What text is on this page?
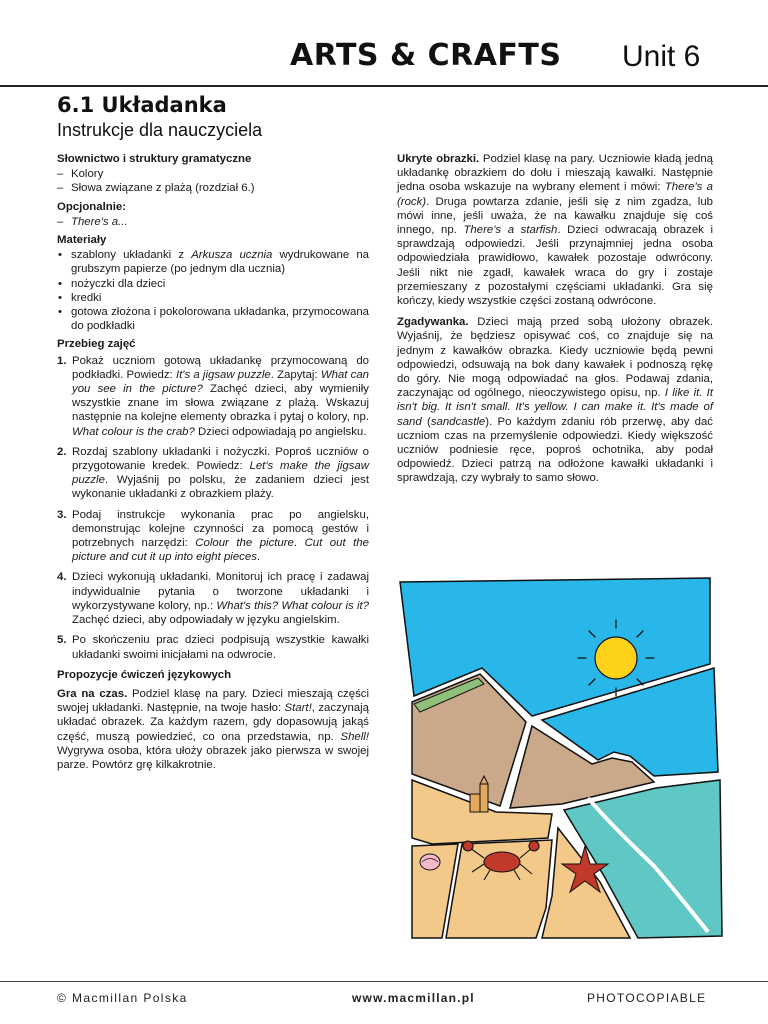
ARTS & CRAFTS Unit 6
6.1 Układanka
Instrukcje dla nauczyciela
Słownictwo i struktury gramatyczne
– Kolory
– Słowa związane z plażą (rozdział 6.)
Opcjonalnie:
– There's a...
Materiały
• szablony układanki z Arkusza ucznia wydrukowane na grubszym papierze (po jednym dla ucznia)
• nożyczki dla dzieci
• kredki
• gotowa złożona i pokolorowana układanka, przymocowana do podkładki
Przebieg zajęć
1. Pokaż uczniom gotową układankę przymocowaną do podkładki. Powiedz: It's a jigsaw puzzle. Zapytaj: What can you see in the picture? Zachęć dzieci, aby wymieniły wszystkie znane im słowa związane z plażą. Wskazuj następnie na kolejne elementy obrazka i pytaj o kolory, np. What colour is the crab? Dzieci odpowiadają po angielsku.
2. Rozdaj szablony układanki i nożyczki. Poproś uczniów o przygotowanie kredek. Powiedz: Let's make the jigsaw puzzle. Wyjaśnij po polsku, że zadaniem dzieci jest wykonanie układanki z obrazkiem plaży.
3. Podaj instrukcje wykonania prac po angielsku, demonstrując kolejne czynności za pomocą gestów i potrzebnych narzędzi: Colour the picture. Cut out the picture and cut it up into eight pieces.
4. Dzieci wykonują układanki. Monitoruj ich pracę i zadawaj indywidualnie pytania o tworzone układanki i wykorzystywane kolory, np.: What's this? What colour is it? Zachęć dzieci, aby odpowiadały w języku angielskim.
5. Po skończeniu prac dzieci podpisują wszystkie kawałki układanki swoimi inicjałami na odwrocie.
Propozycje ćwiczeń językowych
Gra na czas. Podziel klasę na pary. Dzieci mieszają części swojej układanki. Następnie, na twoje hasło: Start!, zaczynają układać obrazek. Za każdym razem, gdy dopasowują jakąś część, muszą powiedzieć, co ona przedstawia, np. Shell! Wygrywa osoba, która ułoży obrazek jako pierwsza w swojej parze. Powtórz grę kilkakrotnie.
Ukryte obrazki. Podziel klasę na pary. Uczniowie kładą jedną układankę obrazkiem do dołu i mieszają kawałki. Następnie jedna osoba wskazuje na wybrany element i mówi: There's a (rock). Druga powtarza zdanie, jeśli się z nim zgadza, lub mówi inne, jeśli uważa, że na kawałku znajduje się coś innego, np. There's a starfish. Dzieci odwracają obrazek i sprawdzają odpowiedzi. Jeśli przynajmniej jedna osoba odpowiedziała prawidłowo, kawałek pozostaje odwrócony. Jeśli nikt nie zgadł, kawałek wraca do gry i zostaje przemieszany z pozostałymi częściami układanki. Gra się kończy, kiedy wszystkie części zostaną odwrócone.
Zgadywanka. Dzieci mają przed sobą ułożony obrazek. Wyjaśnij, że będziesz opisywać coś, co znajduje się na jednym z kawałków obrazka. Kiedy uczniowie będą pewni odpowiedzi, odsuwają na bok dany kawałek i podnoszą rękę do góry. Nie mogą odpowiadać na głos. Podawaj zdania, zaczynając od ogólnego, nieoczywistego opisu, np. I like it. It isn't big. It isn't small. It's yellow. I can make it. It's made of sand (sandcastle). Po każdym zdaniu rób przerwę, aby dać uczniom czas na przemyślenie odpowiedzi. Kiedy większość uczniów podniesie ręce, poproś ochotnika, aby podał odpowiedź. Dzieci patrzą na odłożone kawałki układanki i sprawdzają, czy wybrały to samo słowo.
© Macmillan Polska	www.macmillan.pl	PHOTOCOPIABLE
